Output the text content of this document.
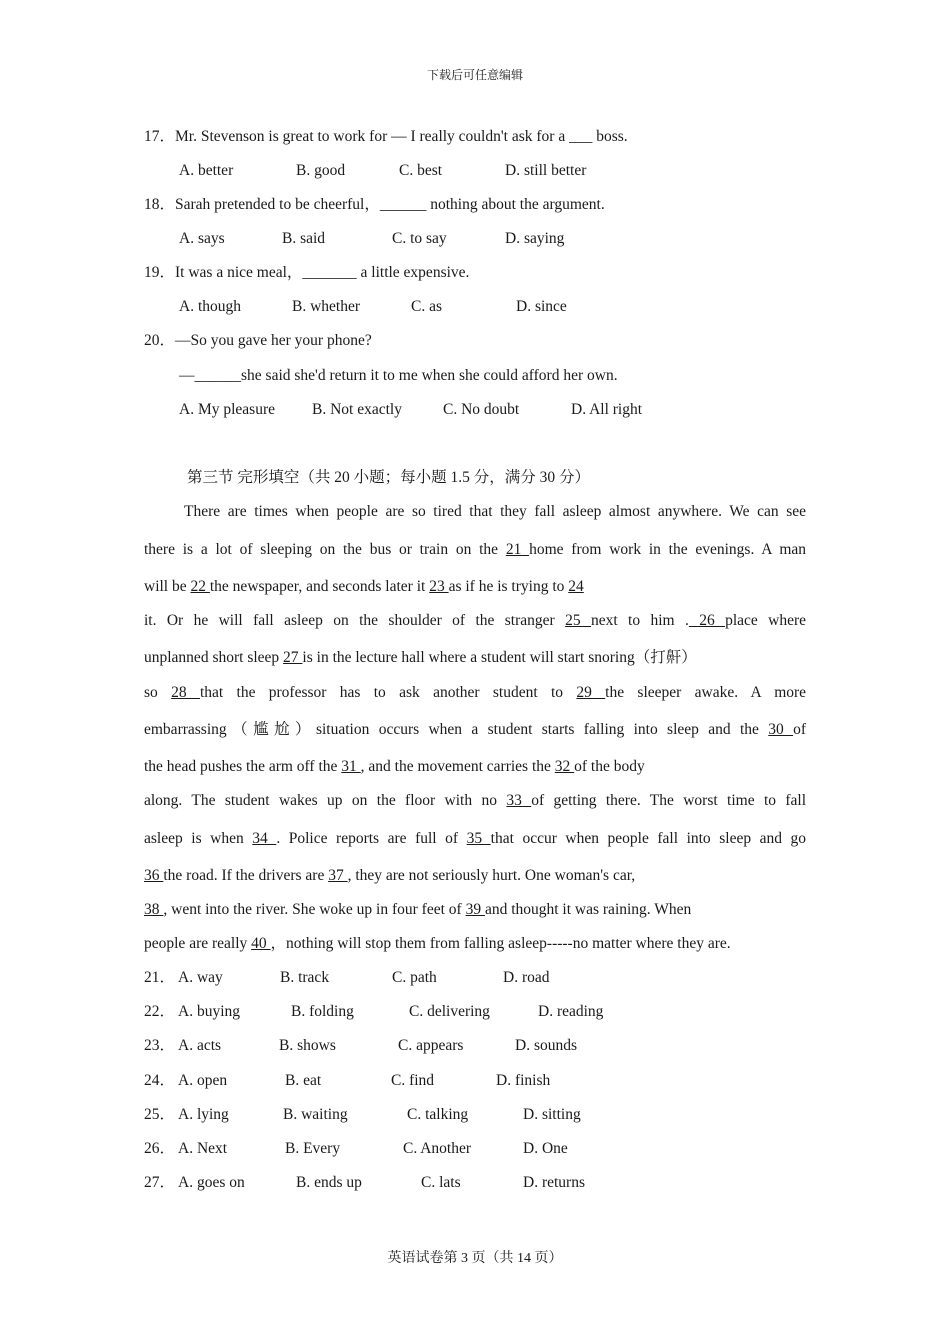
下载后可任意编辑
17．Mr. Stevenson is great to work for — I really couldn't ask for a ___ boss.
A. better	B. good	C. best	D. still better
18．Sarah pretended to be cheerful，______ nothing about the argument.
A. says	B. said	C. to say	D. saying
19．It was a nice meal，_______ a little expensive.
A. though	B. whether	C. as	D. since
20．—So you gave her your phone?
—______she said she'd return it to me when she could afford her own.
A. My pleasure B. Not exactly	C. No doubt	D. All right
第三节 完形填空（共 20 小题；每小题 1.5 分，满分 30 分）
There are times when people are so tired that they fall asleep almost anywhere. We can see
there is a lot of sleeping on the bus or train on the 21 home from work in the evenings. A man
will be 22 the newspaper, and seconds later it 23 as if he is trying to 24
it. Or he will fall asleep on the shoulder of the stranger 25 next to him . 26 place where
unplanned short sleep 27 is in the lecture hall where a student will start snoring（打鼾）
so 28 that the professor has to ask another student to 29 the sleeper awake. A more
embarrassing（尴尬）situation occurs when a student starts falling into sleep and the 30 of
the head pushes the arm off the 31 , and the movement carries the 32 of the body
along. The student wakes up on the floor with no 33 of getting there. The worst time to fall
asleep is when 34 . Police reports are full of 35 that occur when people fall into sleep and go
36 the road. If the drivers are 37 , they are not seriously hurt. One woman's car,
38 , went into the river. She woke up in four feet of 39 and thought it was raining. When
people are really 40 ，nothing will stop them from falling asleep-----no matter where they are.
21． A. way	B. track	C. path	D. road
22． A. buying	B. folding	C. delivering	D. reading
23． A. acts	B. shows	C. appears	D. sounds
24． A. open	B. eat	C. find	D. finish
25． A. lying	B. waiting	C. talking	D. sitting
26． A. Next	B. Every	C. Another	D. One
27． A. goes on	B. ends up	C. lats	D. returns
英语试卷第 3 页（共 14 页）
